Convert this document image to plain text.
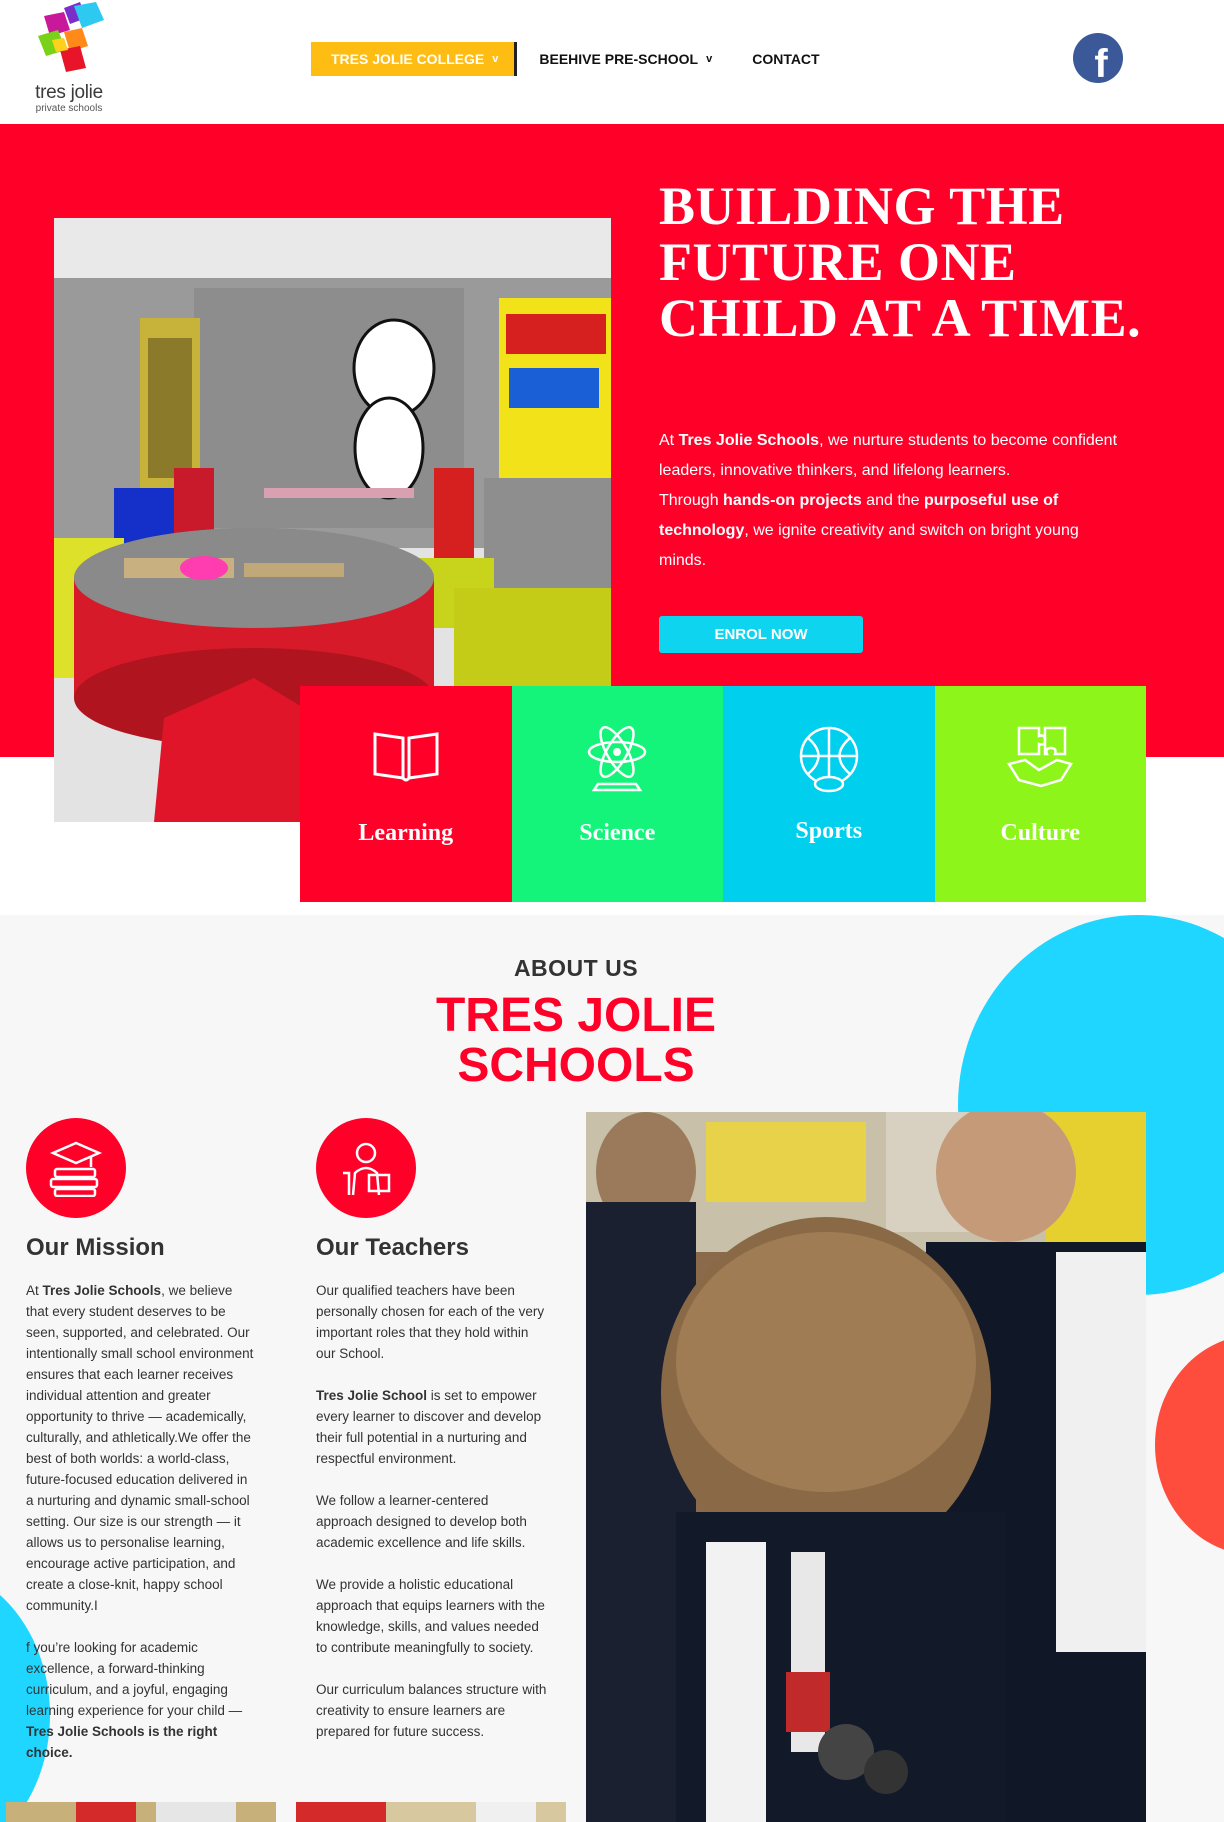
tres jolie
private schools
TRES JOLIE COLLEGE v	BEEHIVE PRE-SCHOOL v	CONTACT	f
BUILDING THE FUTURE ONE CHILD AT A TIME.

At Tres Jolie Schools, we nurture students to become confident leaders, innovative thinkers, and lifelong learners.

Through hands-on projects and the purposeful use of technology, we ignite creativity and switch on bright young minds.

ENROL NOW
Learning	Science	Sports	Culture
ABOUT US
TRES JOLIE SCHOOLS
Our Mission

At Tres Jolie Schools, we believe that every student deserves to be seen, supported, and celebrated. Our intentionally small school environment ensures that each learner receives individual attention and greater opportunity to thrive — academically, culturally, and athletically.We offer the best of both worlds: a world-class, future-focused education delivered in a nurturing and dynamic small-school setting. Our size is our strength — it allows us to personalise learning, encourage active participation, and create a close-knit, happy school community.I

f you’re looking for academic excellence, a forward-thinking curriculum, and a joyful, engaging learning experience for your child — Tres Jolie Schools is the right choice.

Our Teachers

Our qualified teachers have been personally chosen for each of the very important roles that they hold within our School.

Tres Jolie School is set to empower every learner to discover and develop their full potential in a nurturing and respectful environment.

We follow a learner-centered approach designed to develop both academic excellence and life skills.

We provide a holistic educational approach that equips learners with the knowledge, skills, and values needed to contribute meaningfully to society.

Our curriculum balances structure with creativity to ensure learners are prepared for future success.
